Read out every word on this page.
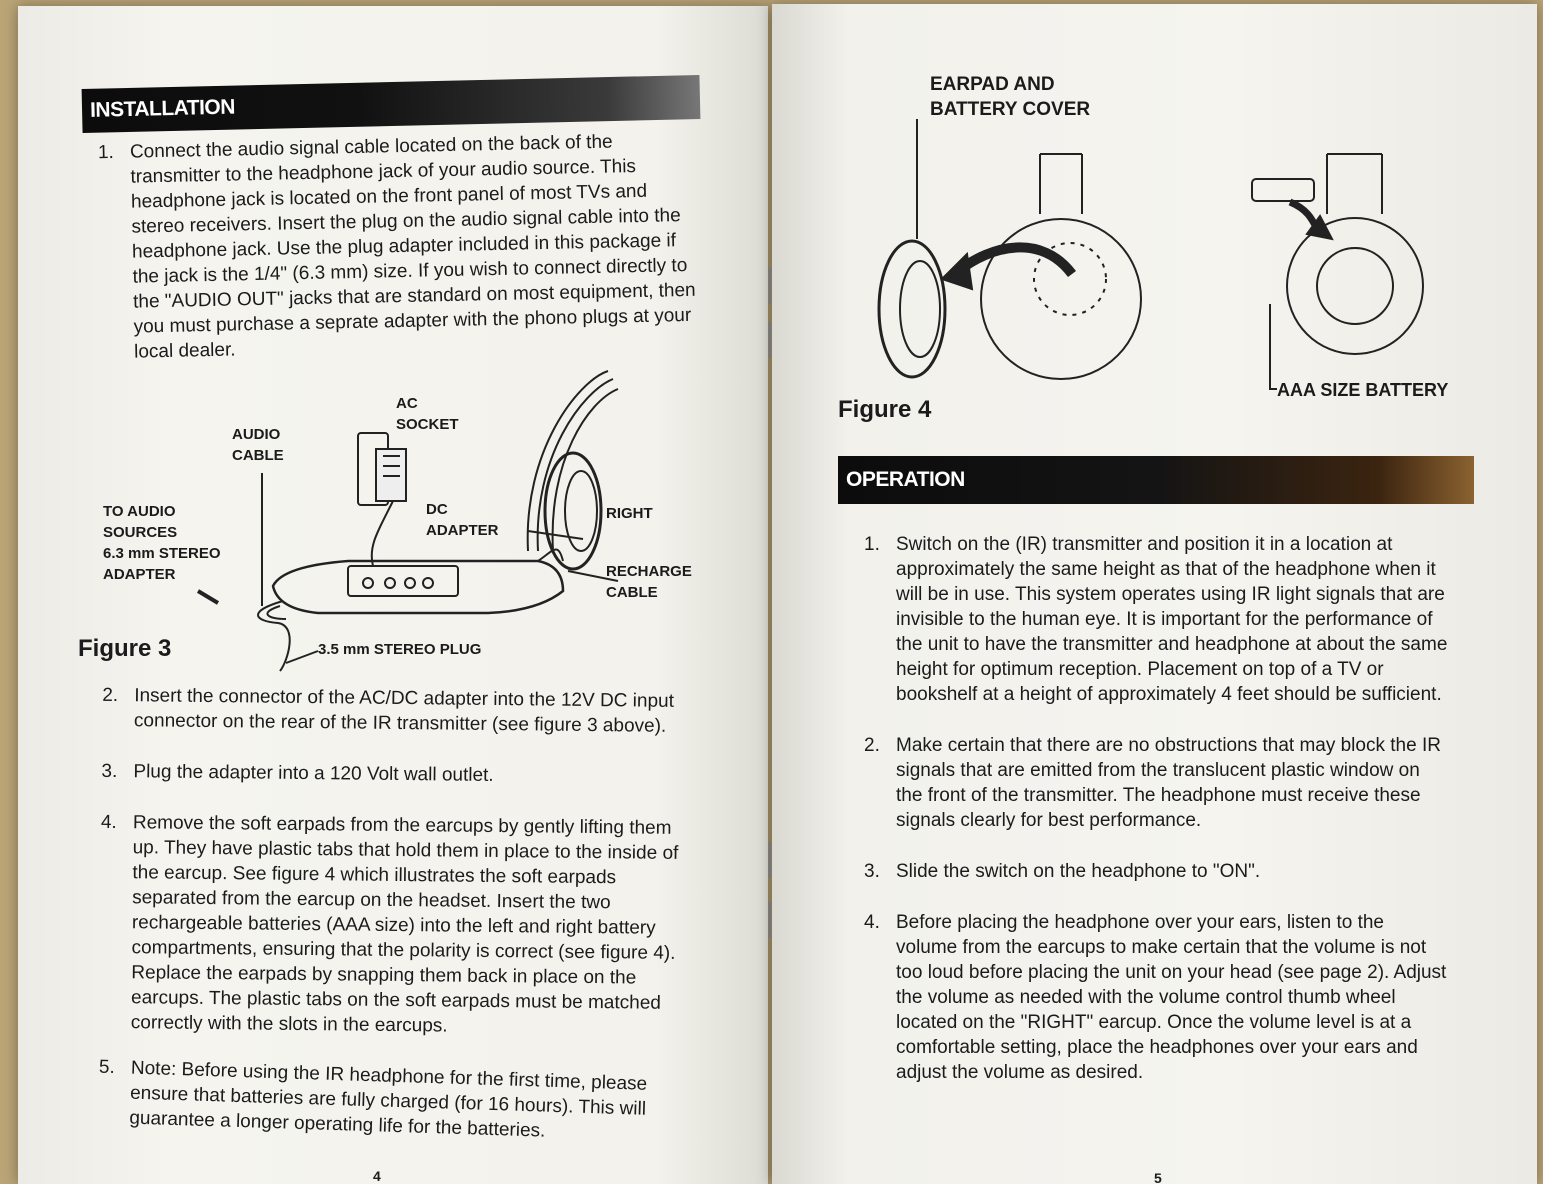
INSTALLATION
1. Connect the audio signal cable located on the back of the transmitter to the headphone jack of your audio source. This headphone jack is located on the front panel of most TVs and stereo receivers. Insert the plug on the audio signal cable into the headphone jack. Use the plug adapter included in this package if the jack is the 1/4" (6.3 mm) size. If you wish to connect directly to the "AUDIO OUT" jacks that are standard on most equipment, then you must purchase a seprate adapter with the phono plugs at your local dealer.
TO AUDIO
SOURCES
6.3 mm STEREO
ADAPTER
AUDIO
CABLE
AC
SOCKET
DC
ADAPTER
RIGHT
RECHARGE
CABLE
3.5 mm STEREO PLUG
Figure 3
2. Insert the connector of the AC/DC adapter into the 12V DC input connector on the rear of the IR transmitter (see figure 3 above).
3. Plug the adapter into a 120 Volt wall outlet.
4. Remove the soft earpads from the earcups by gently lifting them up. They have plastic tabs that hold them in place to the inside of the earcup. See figure 4 which illustrates the soft earpads separated from the earcup on the headset. Insert the two rechargeable batteries (AAA size) into the left and right battery compartments, ensuring that the polarity is correct (see figure 4). Replace the earpads by snapping them back in place on the earcups. The plastic tabs on the soft earpads must be matched correctly with the slots in the earcups.
5. Note: Before using the IR headphone for the first time, please ensure that batteries are fully charged (for 16 hours). This will guarantee a longer operating life for the batteries.
4
EARPAD AND
BATTERY COVER
AAA SIZE BATTERY
Figure 4
OPERATION
1. Switch on the (IR) transmitter and position it in a location at approximately the same height as that of the headphone when it will be in use. This system operates using IR light signals that are invisible to the human eye. It is important for the performance of the unit to have the transmitter and headphone at about the same height for optimum reception. Placement on top of a TV or bookshelf at a height of approximately 4 feet should be sufficient.
2. Make certain that there are no obstructions that may block the IR signals that are emitted from the translucent plastic window on the front of the transmitter. The headphone must receive these signals clearly for best performance.
3. Slide the switch on the headphone to "ON".
4. Before placing the headphone over your ears, listen to the volume from the earcups to make certain that the volume is not too loud before placing the unit on your head (see page 2). Adjust the volume as needed with the volume control thumb wheel located on the "RIGHT" earcup. Once the volume level is at a comfortable setting, place the headphones over your ears and adjust the volume as desired.
5
